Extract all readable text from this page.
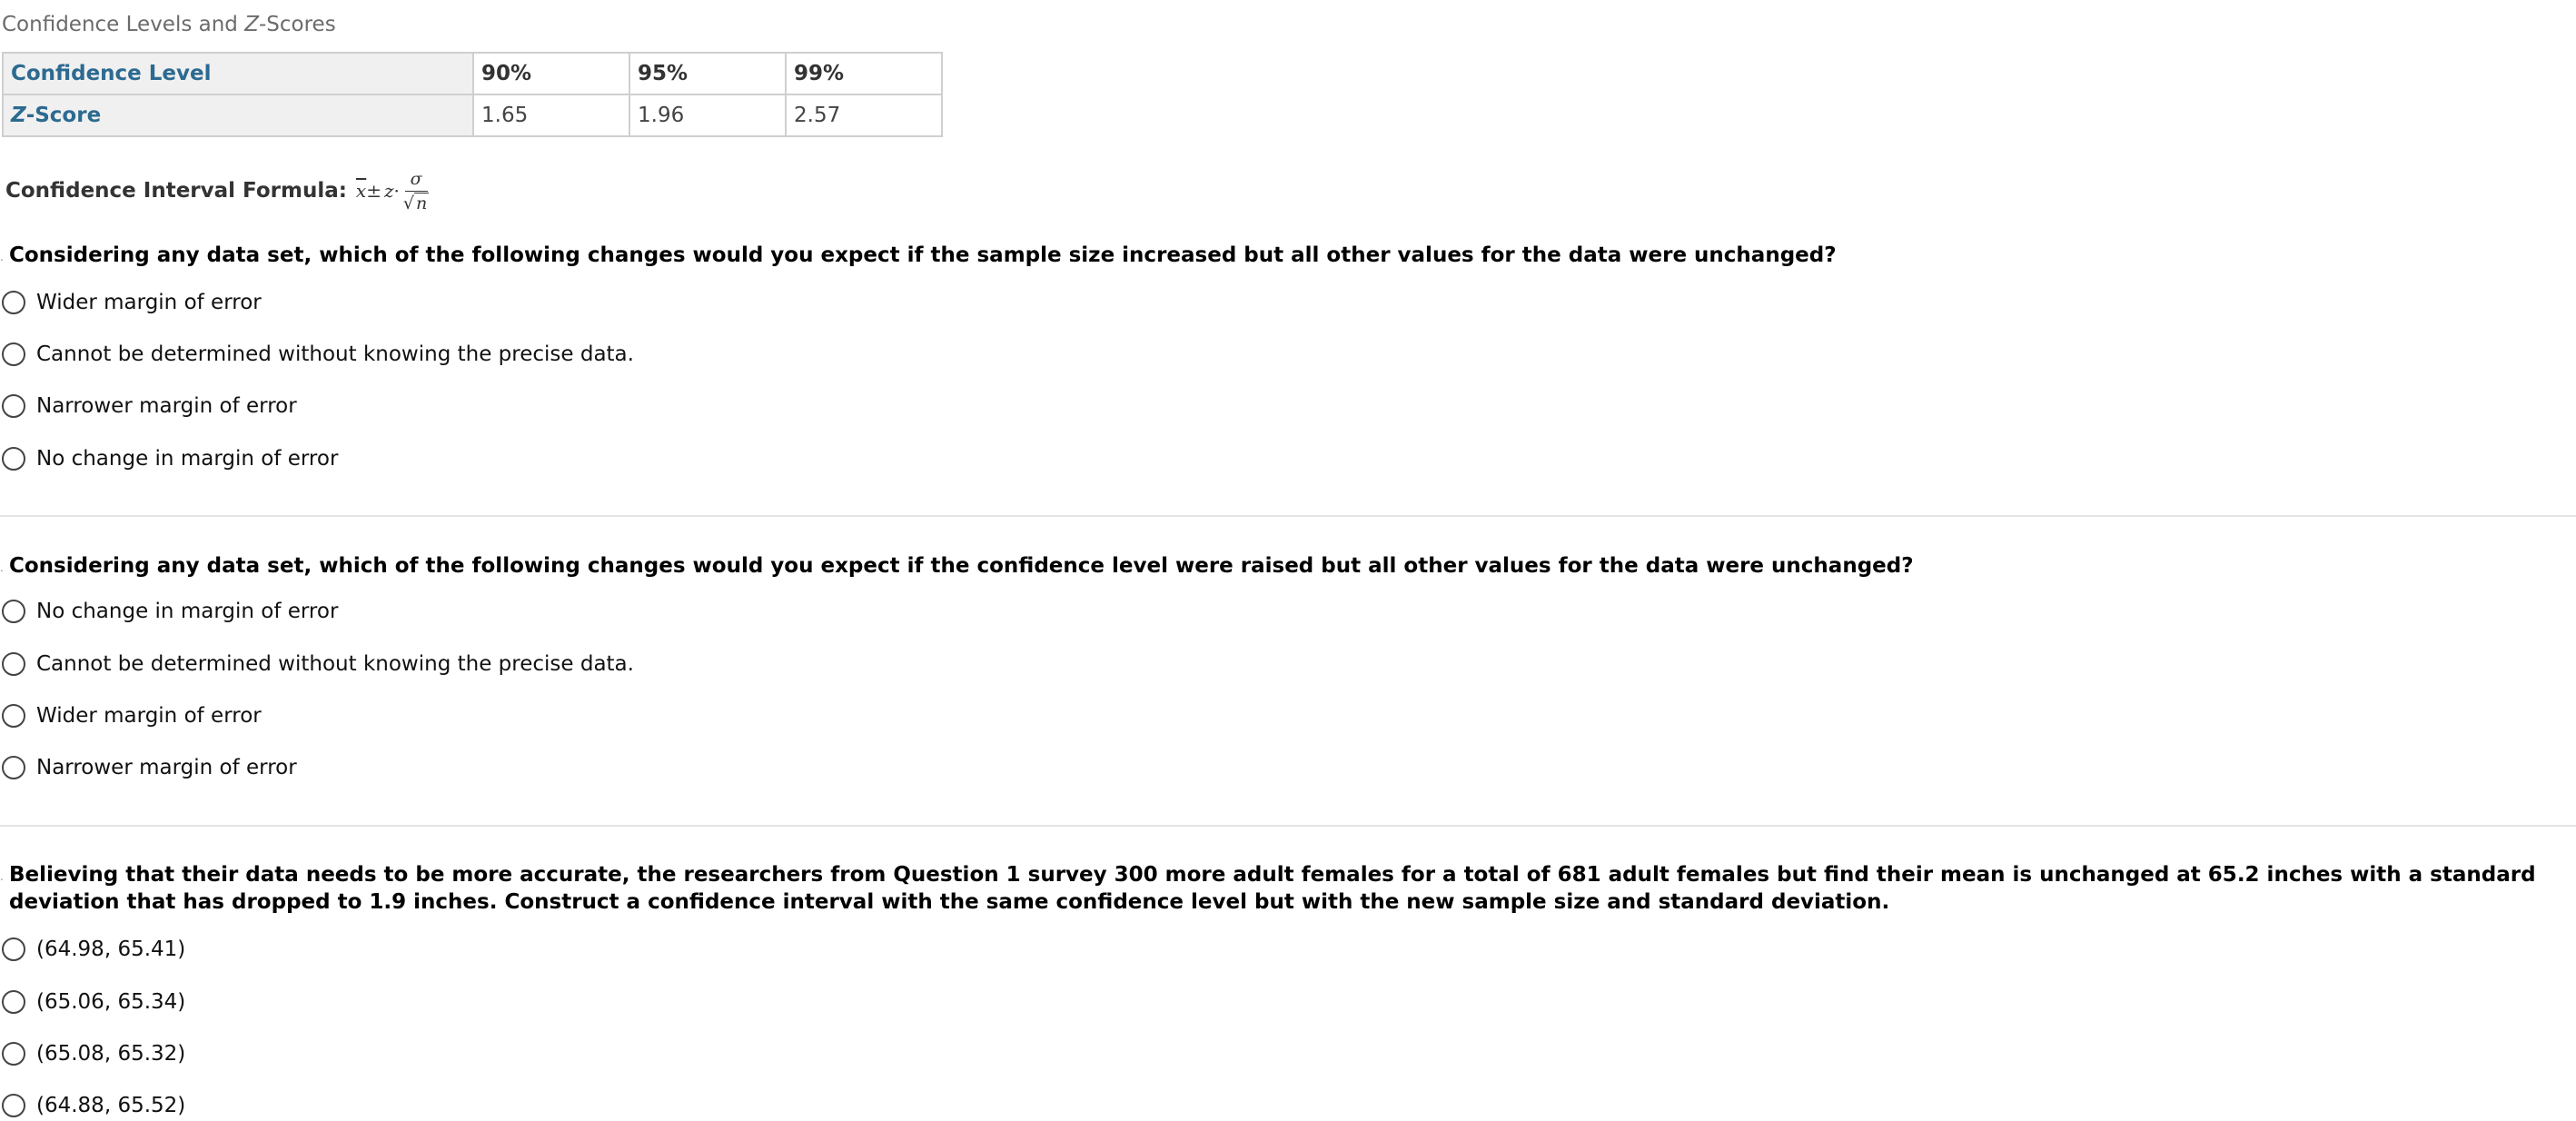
Confidence Levels and Z-Scores
Confidence Level	90%	95%	99%
Z-Score	1.65	1.96	2.57
Confidence Interval Formula: $\overline{x} \pm z \cdot \frac{\sigma}{√ n}$
. Considering any data set, which of the following changes would you expect if the sample size increased but all other values for the data were unchanged?
Wider margin of error
Cannot be determined without knowing the precise data.
Narrower margin of error
No change in margin of error
. Considering any data set, which of the following changes would you expect if the confidence level were raised but all other values for the data were unchanged?
No change in margin of error
Cannot be determined without knowing the precise data.
Wider margin of error
Narrower margin of error
. Believing that their data needs to be more accurate, the researchers from Question 1 survey 300 more adult females for a total of 681 adult females but find their mean is unchanged at 65.2 inches with a standard deviation that has dropped to 1.9 inches. Construct a confidence interval with the same confidence level but with the new sample size and standard deviation.
(64.98, 65.41)
(65.06, 65.34)
(65.08, 65.32)
(64.88, 65.52)
